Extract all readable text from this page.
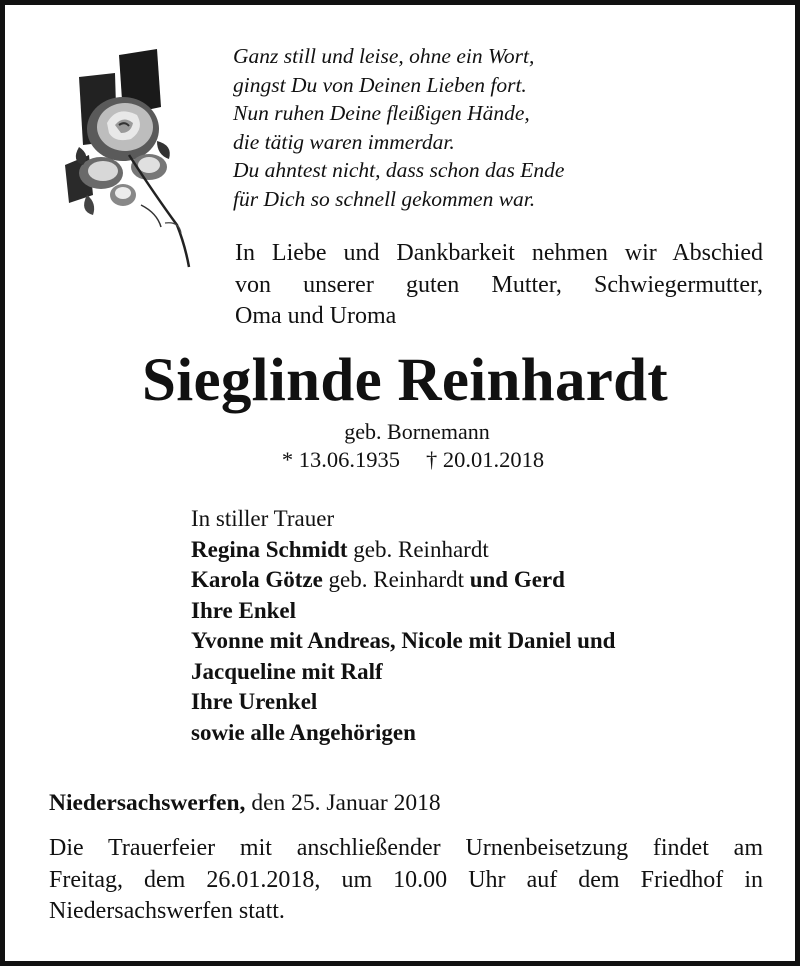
Ganz still und leise, ohne ein Wort,
gingst Du von Deinen Lieben fort.
Nun ruhen Deine fleißigen Hände,
die tätig waren immerdar.
Du ahntest nicht, dass schon das Ende
für Dich so schnell gekommen war.
In Liebe und Dankbarkeit nehmen wir Abschied
von unserer guten Mutter, Schwiegermutter,
Oma und Uroma
Sieglinde Reinhardt
geb. Bornemann
* 13.06.1935 † 20.01.2018
In stiller Trauer
Regina Schmidt geb. Reinhardt
Karola Götze geb. Reinhardt und Gerd
Ihre Enkel
Yvonne mit Andreas, Nicole mit Daniel und
Jacqueline mit Ralf
Ihre Urenkel
sowie alle Angehörigen
Niedersachswerfen, den 25. Januar 2018
Die Trauerfeier mit anschließender Urnenbeisetzung findet am
Freitag, dem 26.01.2018, um 10.00 Uhr auf dem Friedhof in
Niedersachswerfen statt.
